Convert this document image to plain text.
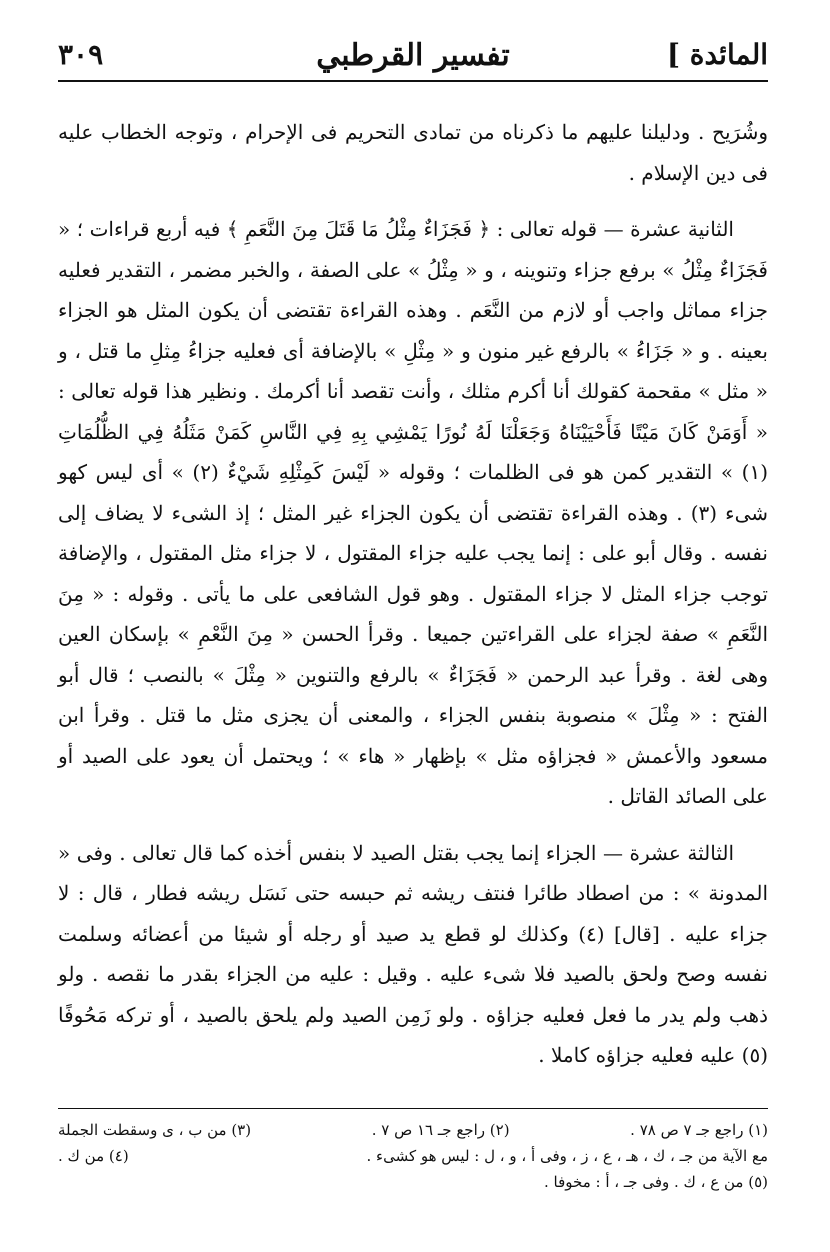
المائدة ]
تفسير القرطبي
٣٠٩

وشُرَيح . ودليلنا عليهم ما ذكرناه من تمادى التحريم فى الإحرام ، وتوجه الخطاب عليه فى دين الإسلام .

الثانية عشرة — قوله تعالى : ﴿ فَجَزَاءٌ مِثْلُ مَا قَتَلَ مِنَ النَّعَمِ ﴾ فيه أربع قراءات ؛ « فَجَزَاءٌ مِثْلُ » برفع جزاء وتنوينه ، و « مِثْلُ » على الصفة ، والخبر مضمر ، التقدير فعليه جزاء مماثل واجب أو لازم من النَّعَم . وهذه القراءة تقتضى أن يكون المثل هو الجزاء بعينه . و « جَزَاءُ » بالرفع غير منون و « مِثْلِ » بالإضافة أى فعليه جزاءُ مِثلِ ما قتل ، و « مثل » مقحمة كقولك أنا أكرم مثلك ، وأنت تقصد أنا أكرمك . ونظير هذا قوله تعالى : « أَوَمَنْ كَانَ مَيْتًا فَأَحْيَيْنَاهُ وَجَعَلْنَا لَهُ نُورًا يَمْشِي بِهِ فِي النَّاسِ كَمَنْ مَثَلُهُ فِي الظُّلُمَاتِ (١) » التقدير كمن هو فى الظلمات ؛ وقوله « لَيْسَ كَمِثْلِهِ شَيْءٌ (٢) » أى ليس كهو شىء (٣) . وهذه القراءة تقتضى أن يكون الجزاء غير المثل ؛ إذ الشىء لا يضاف إلى نفسه . وقال أبو على : إنما يجب عليه جزاء المقتول ، لا جزاء مثل المقتول ، والإضافة توجب جزاء المثل لا جزاء المقتول . وهو قول الشافعى على ما يأتى . وقوله : « مِنَ النَّعَمِ » صفة لجزاء على القراءتين جميعا . وقرأ الحسن « مِنَ النَّعْمِ » بإسكان العين وهى لغة . وقرأ عبد الرحمن « فَجَزَاءٌ » بالرفع والتنوين « مِثْلَ » بالنصب ؛ قال أبو الفتح : « مِثْلَ » منصوبة بنفس الجزاء ، والمعنى أن يجزى مثل ما قتل . وقرأ ابن مسعود والأعمش « فجزاؤه مثل » بإظهار « هاء » ؛ ويحتمل أن يعود على الصيد أو على الصائد القاتل .

الثالثة عشرة — الجزاء إنما يجب بقتل الصيد لا بنفس أخذه كما قال تعالى . وفى « المدونة » : من اصطاد طائرا فنتف ريشه ثم حبسه حتى نَسَل ريشه فطار ، قال : لا جزاء عليه . [قال] (٤) وكذلك لو قطع يد صيد أو رجله أو شيئا من أعضائه وسلمت نفسه وصح ولحق بالصيد فلا شىء عليه . وقيل : عليه من الجزاء بقدر ما نقصه . ولو ذهب ولم يدر ما فعل فعليه جزاؤه . ولو زَمِن الصيد ولم يلحق بالصيد ، أو تركه مَحُوفًا (٥) عليه فعليه جزاؤه كاملا .

(١) راجع جـ ٧ ص ٧٨ .
(٢) راجع جـ ١٦ ص ٧ .
(٣) من ب ، ى وسقطت الجملة
مع الآية من جـ ، ك ، هـ ، ع ، ز ، وفى أ ، و ، ل : ليس هو كشىء .
(٤) من ك .
(٥) من ع ، ك . وفى جـ ، أ : مخوفا .
